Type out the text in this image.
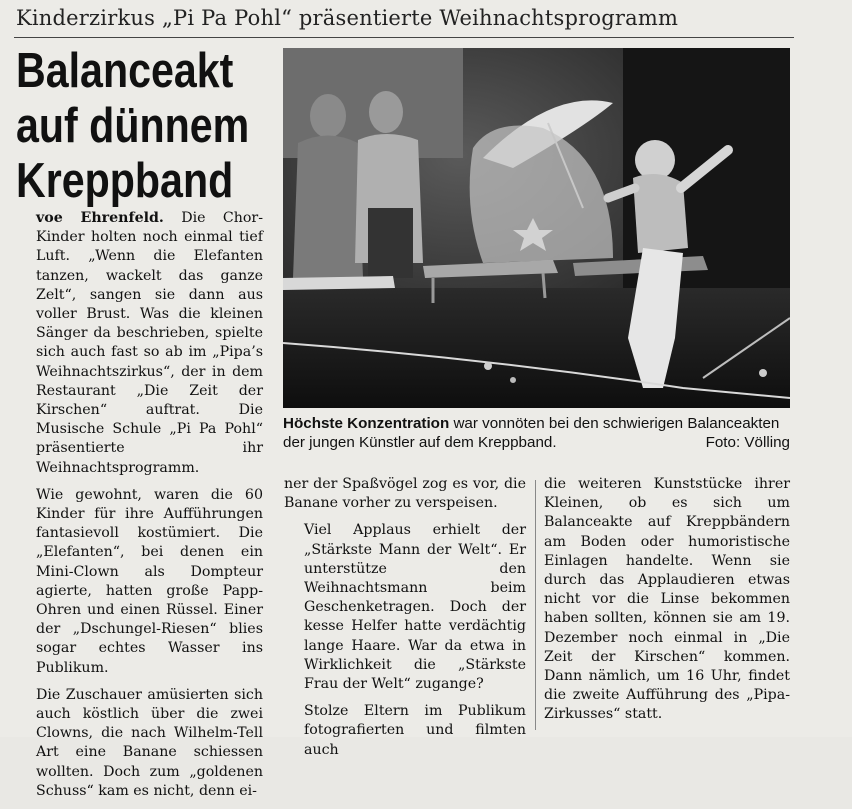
Kinderzirkus „Pi Pa Pohl“ präsentierte Weihnachtsprogramm
Balanceakt
auf dünnem
Kreppband
Höchste Konzentration war vonnöten bei den schwierigen Balanceakten der jungen Künstler auf dem Kreppband.	Foto: Völling

voe Ehrenfeld. Die Chor-Kinder holten noch einmal tief Luft. „Wenn die Elefanten tanzen, wackelt das ganze Zelt“, sangen sie dann aus voller Brust. Was die kleinen Sänger da beschrieben, spielte sich auch fast so ab im „Pipa’s Weihnachtszirkus“, der in dem Restaurant „Die Zeit der Kirschen“ auftrat. Die Musische Schule „Pi Pa Pohl“ präsentierte ihr Weihnachtsprogramm.

Wie gewohnt, waren die 60 Kinder für ihre Aufführungen fantasievoll kostümiert. Die „Elefanten“, bei denen ein Mini-Clown als Dompteur agierte, hatten große Papp-Ohren und einen Rüssel. Einer der „Dschungel-Riesen“ blies sogar echtes Wasser ins Publikum.

Die Zuschauer amüsierten sich auch köstlich über die zwei Clowns, die nach Wilhelm-Tell Art eine Banane schiessen wollten. Doch zum „goldenen Schuss“ kam es nicht, denn ei-

ner der Spaßvögel zog es vor, die Banane vorher zu verspeisen.

Viel Applaus erhielt der „Stärkste Mann der Welt“. Er unterstütze den Weihnachtsmann beim Geschenketragen. Doch der kesse Helfer hatte verdächtig lange Haare. War da etwa in Wirklichkeit die „Stärkste Frau der Welt“ zugange?

Stolze Eltern im Publikum fotografierten und filmten auch

die weiteren Kunststücke ihrer Kleinen, ob es sich um Balanceakte auf Kreppbändern am Boden oder humoristische Einlagen handelte. Wenn sie durch das Applaudieren etwas nicht vor die Linse bekommen haben sollten, können sie am 19. Dezember noch einmal in „Die Zeit der Kirschen“ kommen. Dann nämlich, um 16 Uhr, findet die zweite Aufführung des „Pipa-Zirkusses“ statt.
